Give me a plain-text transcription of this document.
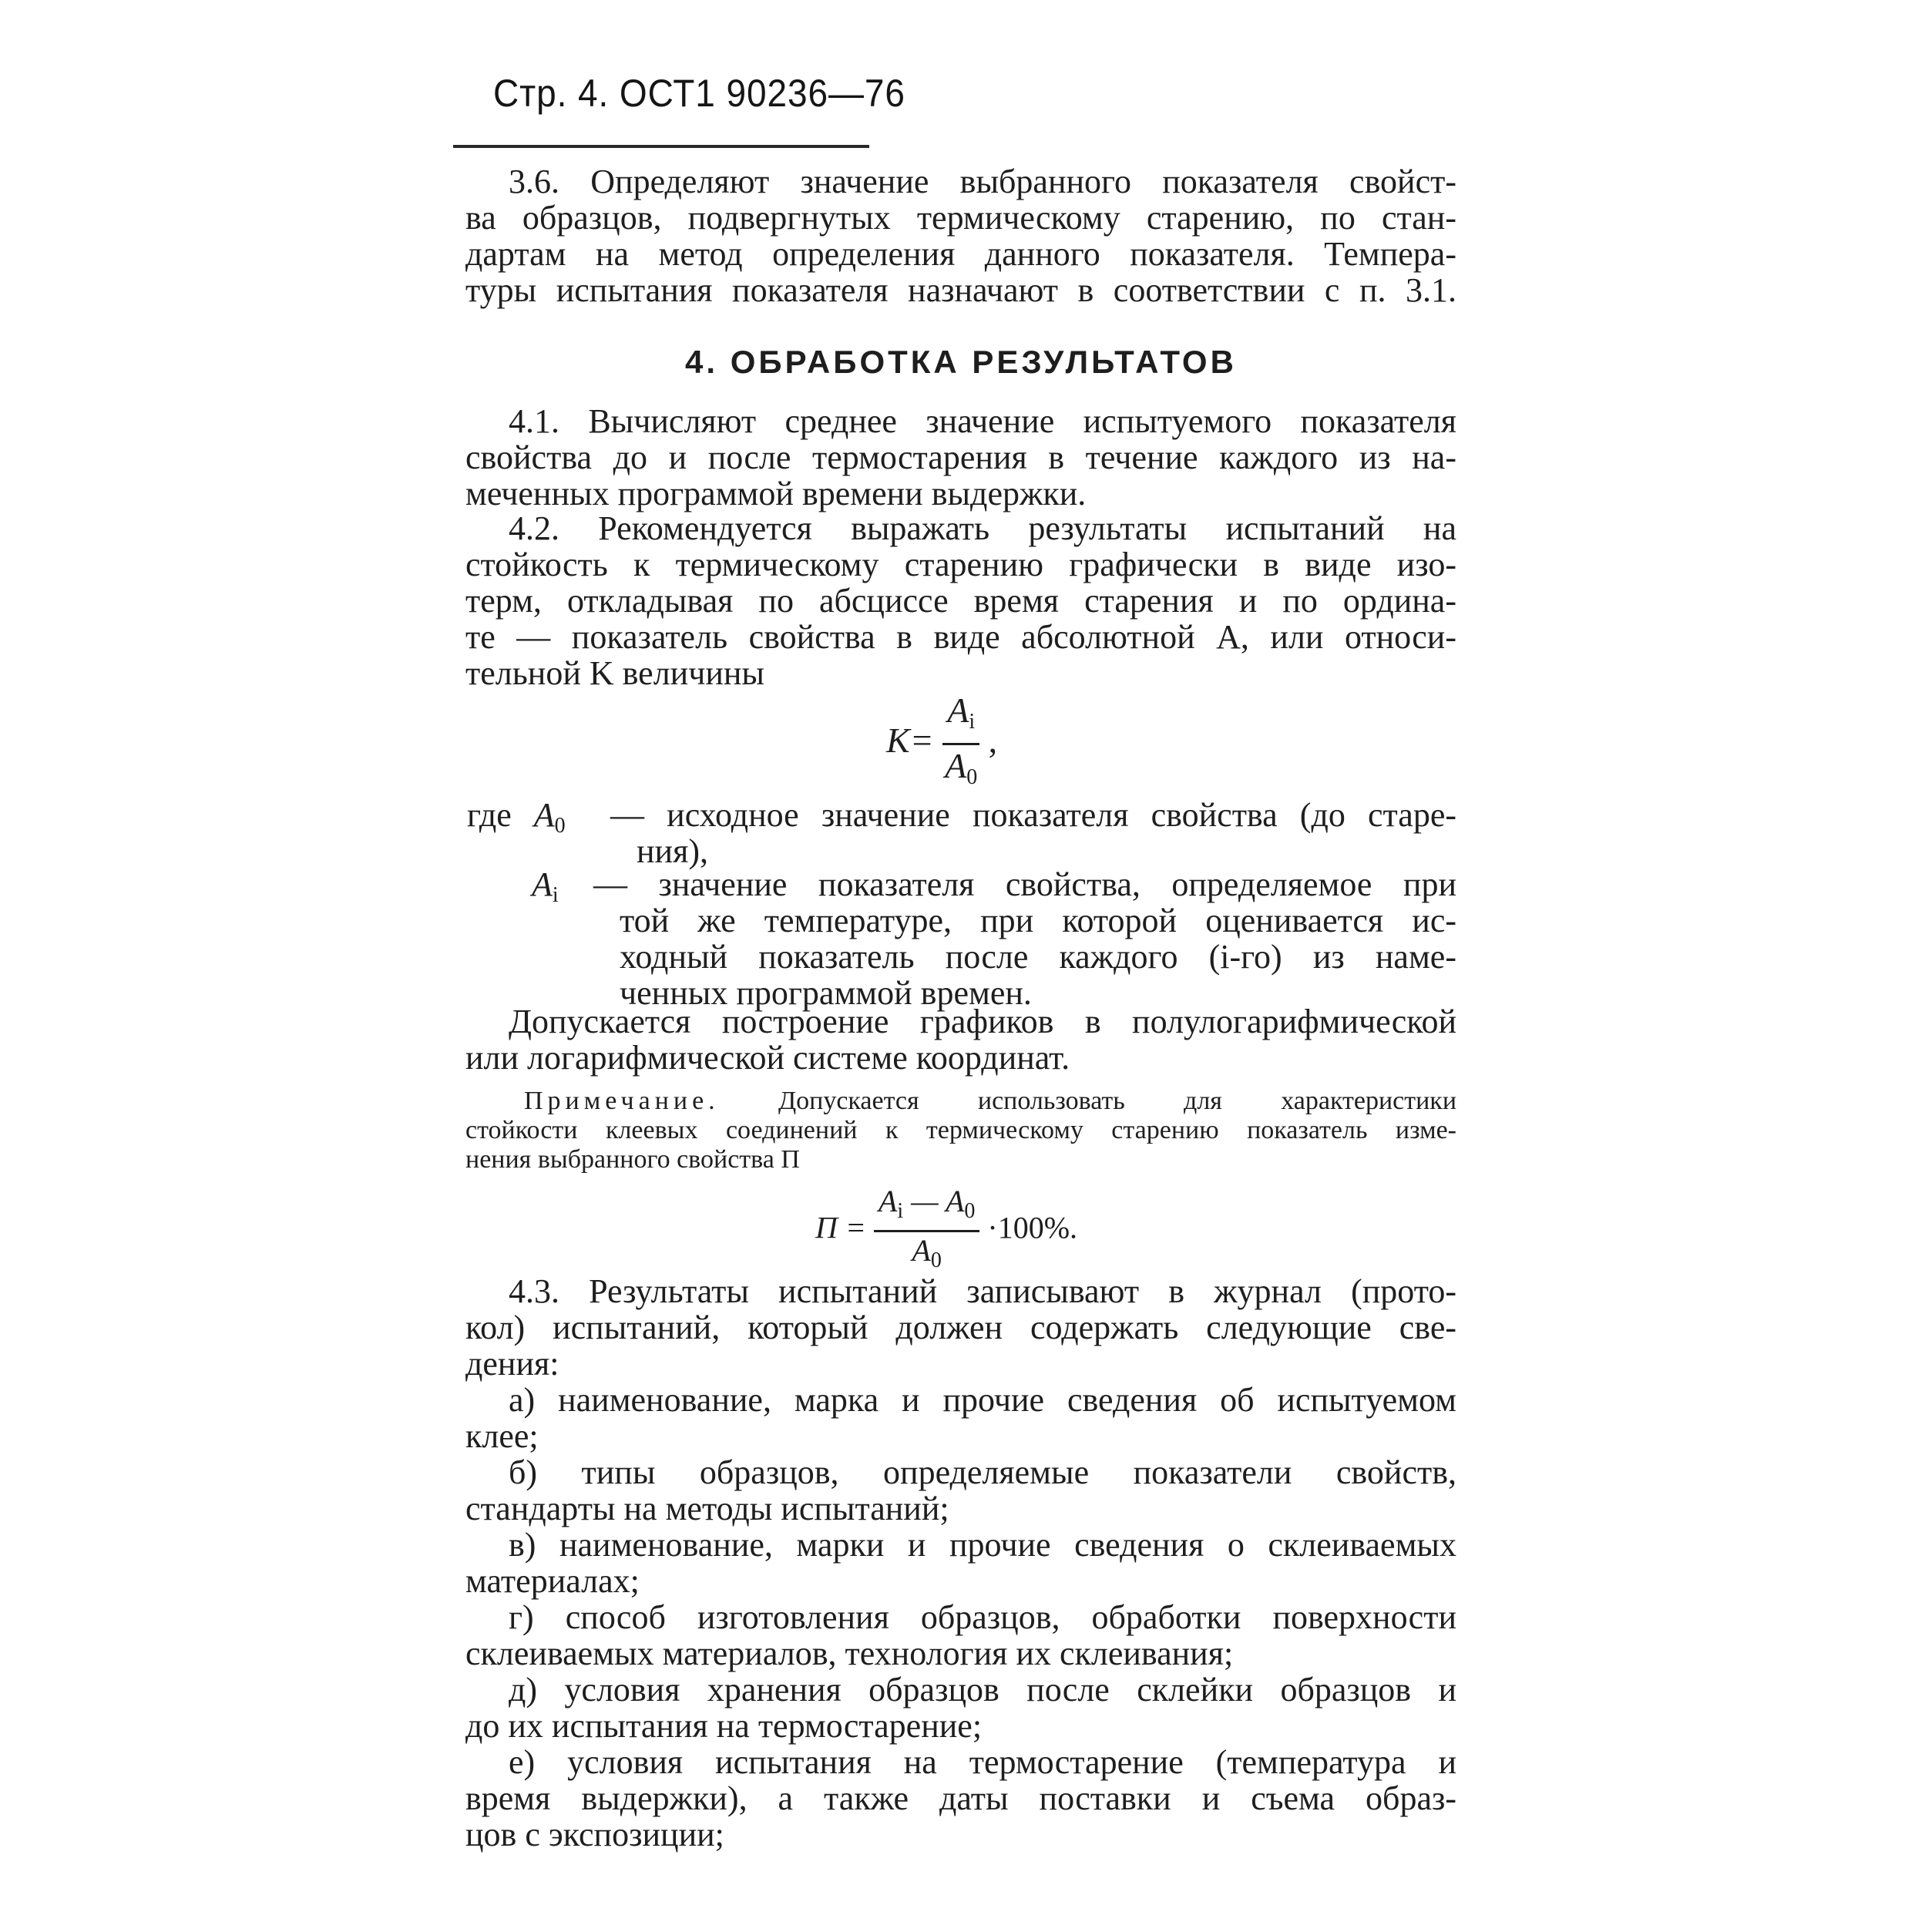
Стр. 4. ОСТ1 90236—76
3.6. Определяют значение выбранного показателя свойст-
ва образцов, подвергнутых термическому старению, по стан-
дартам на метод определения данного показателя. Темпера-
туры испытания показателя назначают в соответствии с п. 3.1.
4. ОБРАБОТКА РЕЗУЛЬТАТОВ
4.1. Вычисляют среднее значение испытуемого показателя
свойства до и после термостарения в течение каждого из на-
меченных программой времени выдержки.
4.2. Рекомендуется выражать результаты испытаний на
стойкость к термическому старению графически в виде изо-
терм, откладывая по абсциссе время старения и по ордина-
те — показатель свойства в виде абсолютной A, или относи-
тельной K величины
$K= \frac{A_i}{A_0}$ ,
где $A_0$ — исходное значение показателя свойства (до старе-
ния),
$A_i$ — значение показателя свойства, определяемое при
той же температуре, при которой оценивается ис-
ходный показатель после каждого (i-го) из наме-
ченных программой времен.
Допускается построение графиков в полулогарифмической
или логарифмической системе координат.
Примечание. Допускается использовать для характеристики
стойкости клеевых соединений к термическому старению показатель изме-
нения выбранного свойства П
$П = \frac{A_i — A_0}{A_0} \cdot 100\%$.
4.3. Результаты испытаний записывают в журнал (прото-
кол) испытаний, который должен содержать следующие све-
дения:
а) наименование, марка и прочие сведения об испытуемом
клее;
б) типы образцов, определяемые показатели свойств,
стандарты на методы испытаний;
в) наименование, марки и прочие сведения о склеиваемых
материалах;
г) способ изготовления образцов, обработки поверхности
склеиваемых материалов, технология их склеивания;
д) условия хранения образцов после склейки образцов и
до их испытания на термостарение;
е) условия испытания на термостарение (температура и
время выдержки), а также даты поставки и съема образ-
цов с экспозиции;
